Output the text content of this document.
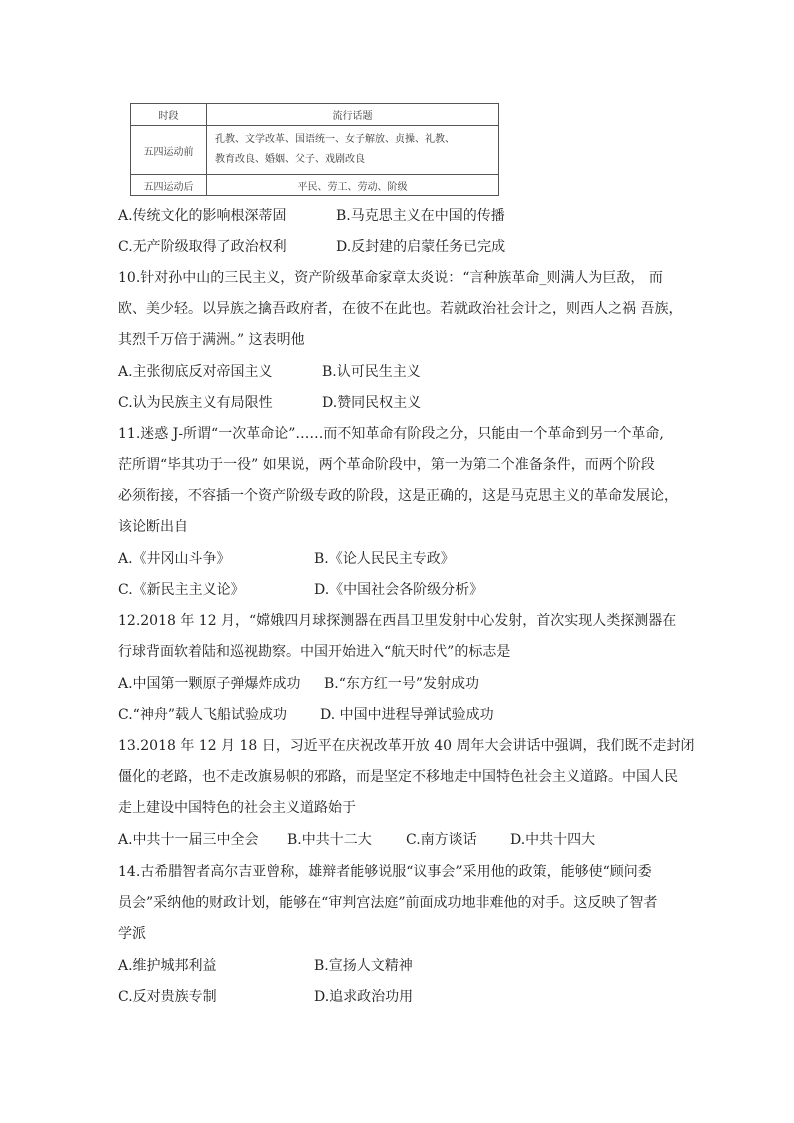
时段	流行话题
五四运动前	孔教、文学改革、国语统一、女子解放、贞操、礼教、
教育改良、婚姻、父子、戏剧改良

五四运动后	平民、劳工、劳动、阶级
A.传统文化的影响根深蒂固	B.马克思主义在中国的传播
C.无产阶级取得了政治权利	D.反封建的启蒙任务已完成
10.针对孙中山的三民主义，资产阶级革命家章太炎说：“言种族革命_则满人为巨敌， 而
欧、美少轻。以异族之擒吾政府者，在彼不在此也。若就政治社会计之，则西人之祸 吾族，
其烈千万倍于满洲。” 这表明他
A.主张彻底反对帝国主义	B.认可民生主义
C.认为民族主义有局限性	D.赞同民权主义
11.迷惑 J-所谓“一次革命论”……而不知革命有阶段之分，只能由一个革命到另一个革命,
茫所谓“毕其功于一役” 如果说，两个革命阶段中，第一为第二个准备条件，而两个阶段
必须衔接，不容插一个资产阶级专政的阶段，这是正确的，这是马克思主义的革命发展论，
该论断出自
A.《井冈山斗争》	B.《论人民民主专政》
C.《新民主主义论》	D.《中国社会各阶级分析》
12.2018 年 12 月，“嫦娥四月球探测器在西昌卫里发射中心发射，首次实现人类探测器在
行球背面软着陆和巡视勘察。中国开始进入“航天时代”的标志是
A.中国第一颗原子弹爆炸成功 B.“东方红一号”发射成功
C.“神舟”载人飞船试验成功 D. 中国中进程导弹试验成功
13.2018 年 12 月 18 日，习近平在庆祝改革开放 40 周年大会讲话中强调，我们既不走封闭
僵化的老路，也不走改旗易帜的邪路，而是坚定不移地走中国特色社会主义道路。中国人民
走上建设中国特色的社会主义道路始于
A.中共十一届三中全会 B.中共十二大 C.南方谈话 D.中共十四大
14.古希腊智者高尔吉亚曾称，雄辩者能够说服“议事会”采用他的政策，能够使“顾问委
员会”采纳他的财政计划，能够在“审判宫法庭”前面成功地非难他的对手。这反映了智者
学派
A.维护城邦利益	B.宣扬人文精神
C.反对贵族专制	D.追求政治功用
